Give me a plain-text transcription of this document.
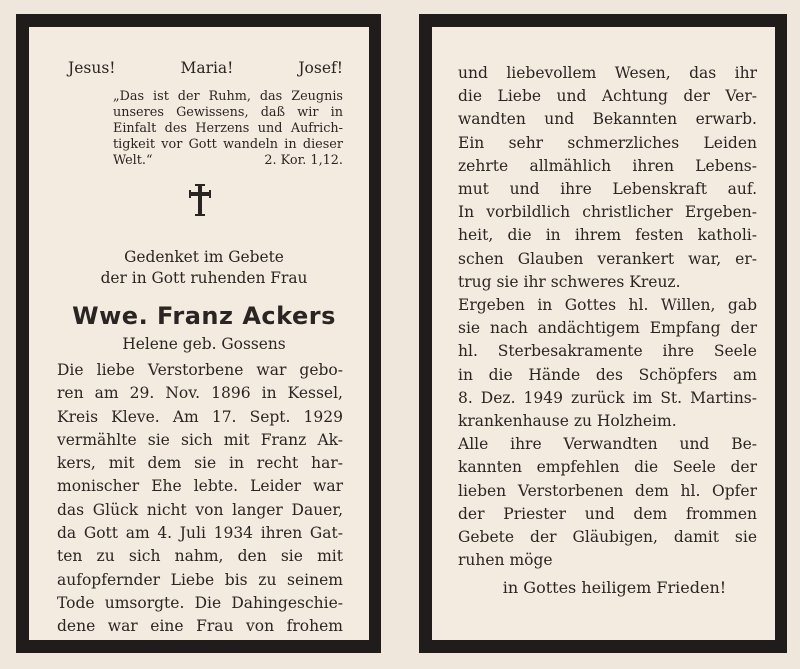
Jesus!	Maria!	Josef!
„Das ist der Ruhm, das Zeugnis
unseres Gewissens, daß wir in
Einfalt des Herzens und Aufrich-
tigkeit vor Gott wandeln in dieser
Welt.“	2. Kor. 1,12.
Gedenket im Gebete
der in Gott ruhenden Frau
Wwe. Franz Ackers
Helene geb. Gossens
Die liebe Verstorbene war gebo-
ren am 29. Nov. 1896 in Kessel,
Kreis Kleve. Am 17. Sept. 1929
vermählte sie sich mit Franz Ak-
kers, mit dem sie in recht har-
monischer Ehe lebte. Leider war
das Glück nicht von langer Dauer,
da Gott am 4. Juli 1934 ihren Gat-
ten zu sich nahm, den sie mit
aufopfernder Liebe bis zu seinem
Tode umsorgte. Die Dahingeschie-
dene war eine Frau von frohem
und liebevollem Wesen, das ihr
die Liebe und Achtung der Ver-
wandten und Bekannten erwarb.
Ein sehr schmerzliches Leiden
zehrte allmählich ihren Lebens-
mut und ihre Lebenskraft auf.
In vorbildlich christlicher Ergeben-
heit, die in ihrem festen katholi-
schen Glauben verankert war, er-
trug sie ihr schweres Kreuz.
Ergeben in Gottes hl. Willen, gab
sie nach andächtigem Empfang der
hl. Sterbesakramente ihre Seele
in die Hände des Schöpfers am
8. Dez. 1949 zurück im St. Martins-
krankenhause zu Holzheim.
Alle ihre Verwandten und Be-
kannten empfehlen die Seele der
lieben Verstorbenen dem hl. Opfer
der Priester und dem frommen
Gebete der Gläubigen, damit sie
ruhen möge
in Gottes heiligem Frieden!
